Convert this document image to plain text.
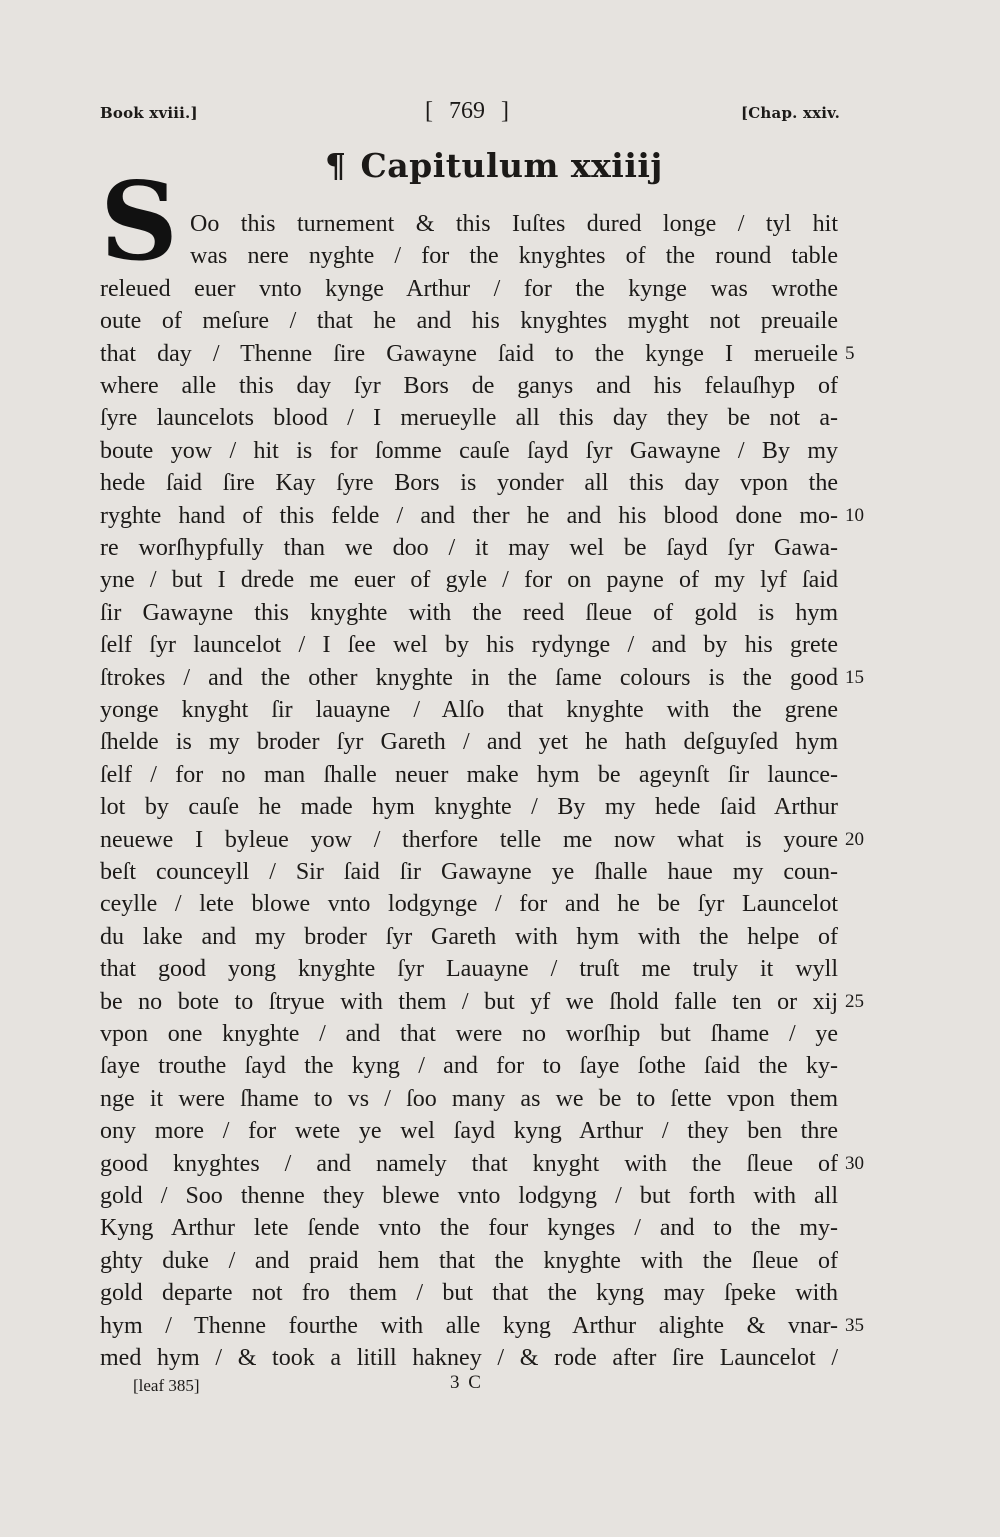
Book xviii.]	[ 769 ]	[Chap. xxiv.
¶ Capitulum xxiiij
S Oo this turnement & this Iuſtes dured longe / tyl hit
was nere nyghte / for the knyghtes of the round table
releued euer vnto kynge Arthur / for the kynge was wrothe
oute of meſure / that he and his knyghtes myght not preuaile
that day / Thenne ſire Gawayne ſaid to the kynge I merueile 5
where alle this day ſyr Bors de ganys and his felauſhyp of
ſyre launcelots blood / I merueylle all this day they be not a-
boute yow / hit is for ſomme cauſe ſayd ſyr Gawayne / By my
hede ſaid ſire Kay ſyre Bors is yonder all this day vpon the
ryghte hand of this felde / and ther he and his blood done mo- 10
re worſhypfully than we doo / it may wel be ſayd ſyr Gawa-
yne / but I drede me euer of gyle / for on payne of my lyf ſaid
ſir Gawayne this knyghte with the reed ſleue of gold is hym
ſelf ſyr launcelot / I ſee wel by his rydynge / and by his grete
ſtrokes / and the other knyghte in the ſame colours is the good 15
yonge knyght ſir lauayne / Alſo that knyghte with the grene
ſhelde is my broder ſyr Gareth / and yet he hath deſguyſed hym
ſelf / for no man ſhalle neuer make hym be ageynſt ſir launce-
lot by cauſe he made hym knyghte / By my hede ſaid Arthur
neuewe I byleue yow / therfore telle me now what is youre 20
beſt counceyll / Sir ſaid ſir Gawayne ye ſhalle haue my coun-
ceylle / lete blowe vnto lodgynge / for and he be ſyr Launcelot
du lake and my broder ſyr Gareth with hym with the helpe of
that good yong knyghte ſyr Lauayne / truſt me truly it wyll
be no bote to ſtryue with them / but yf we ſhold falle ten or xij 25
vpon one knyghte / and that were no worſhip but ſhame / ye
ſaye trouthe ſayd the kyng / and for to ſaye ſothe ſaid the ky-
nge it were ſhame to vs / ſoo many as we be to ſette vpon them
ony more / for wete ye wel ſayd kyng Arthur / they ben thre
good knyghtes / and namely that knyght with the ſleue of 30
gold / Soo thenne they blewe vnto lodgyng / but forth with all
Kyng Arthur lete ſende vnto the four kynges / and to the my-
ghty duke / and praid hem that the knyghte with the ſleue of
gold departe not fro them / but that the kyng may ſpeke with
hym / Thenne fourthe with alle kyng Arthur alighte & vnar- 35
med hym / & took a litill hakney / & rode after ſire Launcelot /
[leaf 385]	3 C
